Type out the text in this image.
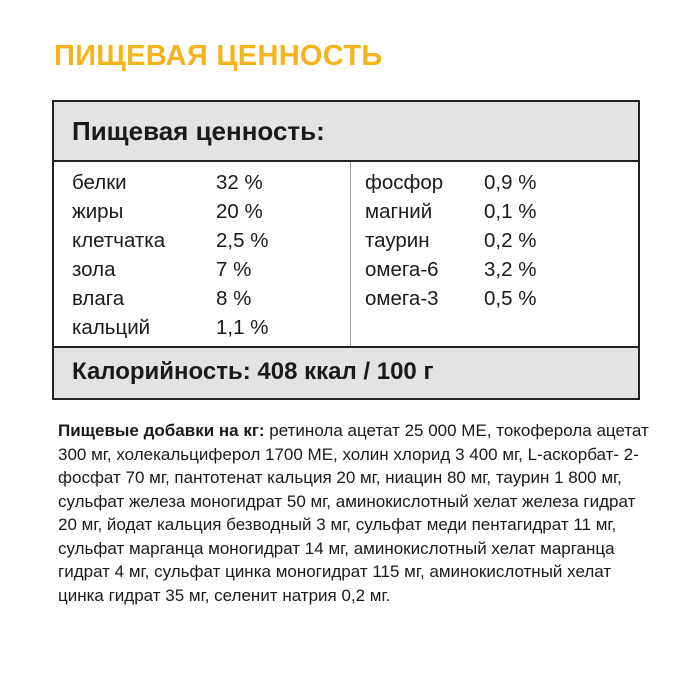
ПИЩЕВАЯ ЦЕННОСТЬ
Пищевая ценность:
белки	32 %
жиры	20 %
клетчатка 2,5 %
зола	7 %
влага	8 %
кальций	1,1 %
фосфор 0,9 %
магний	0,1 %
таурин	0,2 %
омега-6 3,2 %
омега-3 0,5 %
Калорийность: 408 ккал / 100 г
Пищевые добавки на кг: ретинола ацетат 25 000 МЕ, токоферола ацетат 300 мг, холекальциферол 1700 МЕ, холин хлорид 3 400 мг, L-аскорбат- 2-фосфат 70 мг, пантотенат кальция 20 мг, ниацин 80 мг, таурин 1 800 мг, сульфат железа моногидрат 50 мг, аминокислотный хелат железа гидрат 20 мг, йодат кальция безводный 3 мг, сульфат меди пентагидрат 11 мг, сульфат марганца моногидрат 14 мг, аминокислотный хелат марганца гидрат 4 мг, сульфат цинка моногидрат 115 мг, аминокислотный хелат цинка гидрат 35 мг, селенит натрия 0,2 мг.
